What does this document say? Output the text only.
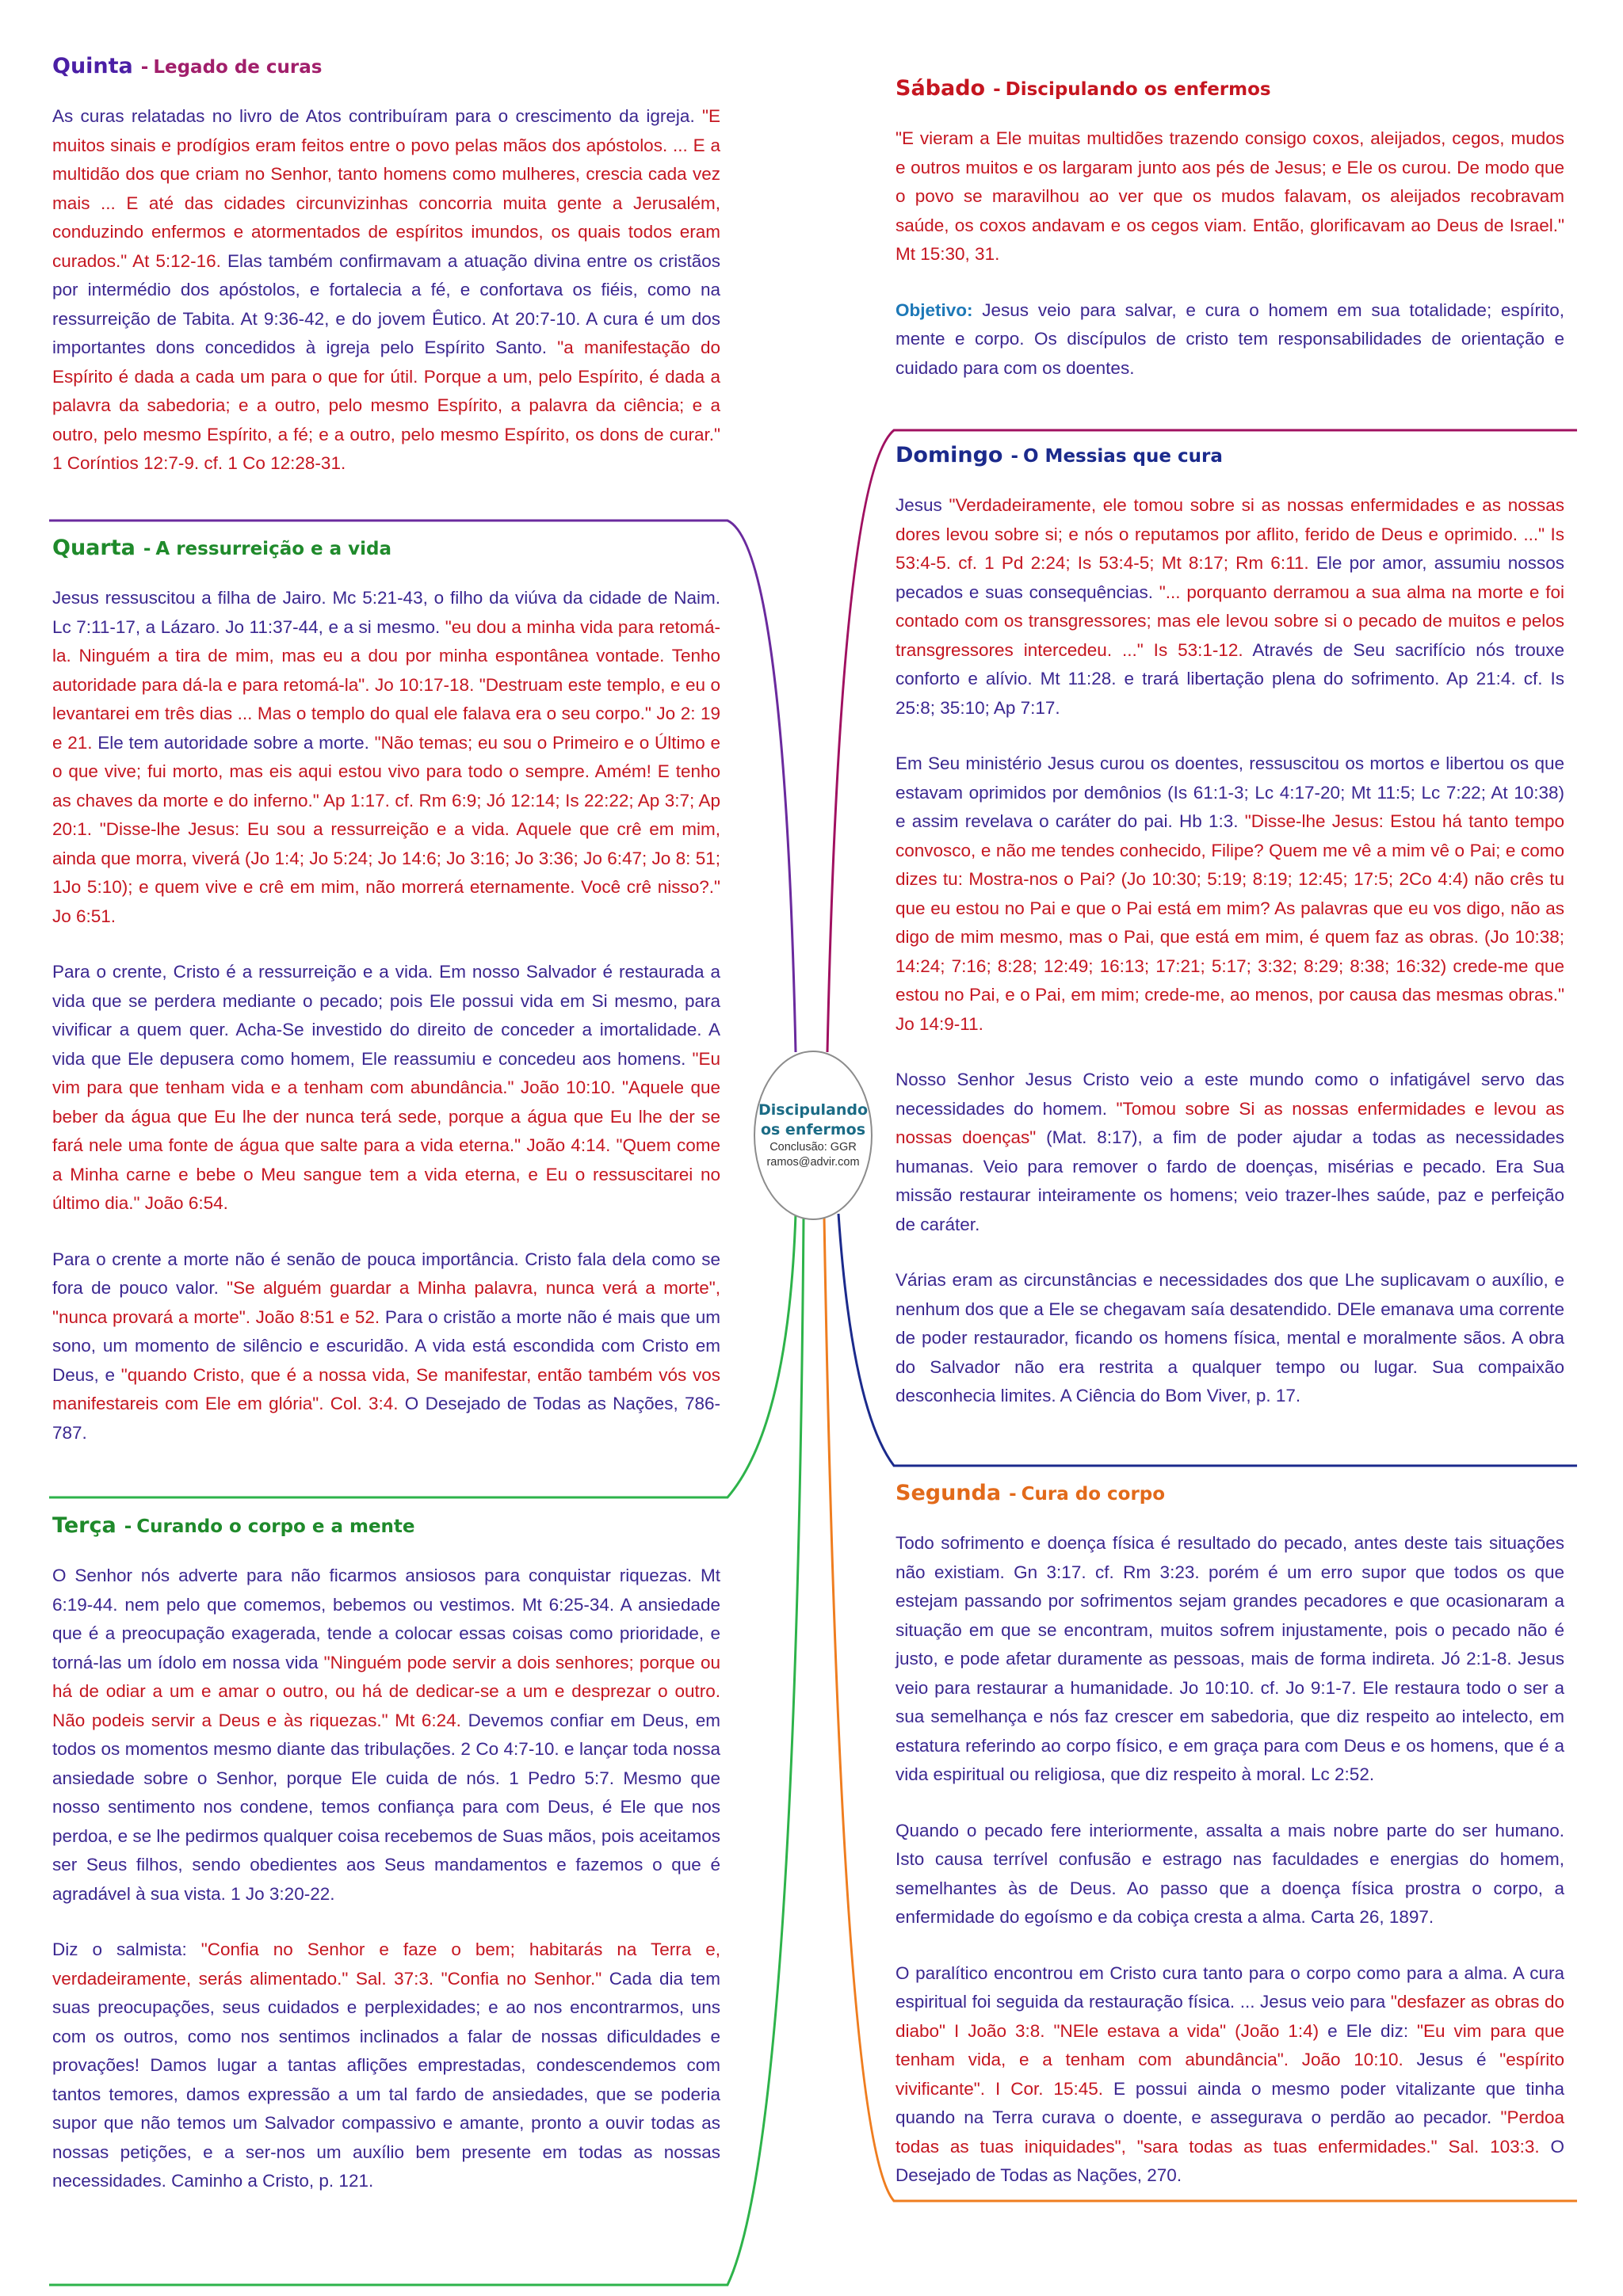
Quinta - Legado de curas

As curas relatadas no livro de Atos contribuíram para o crescimento da igreja. "E muitos sinais e prodígios eram feitos entre o povo pelas mãos dos apóstolos. ... E a multidão dos que criam no Senhor, tanto homens como mulheres, crescia cada vez mais ... E até das cidades circunvizinhas concorria muita gente a Jerusalém, conduzindo enfermos e atormentados de espíritos imundos, os quais todos eram curados." At 5:12-16. Elas também confirmavam a atuação divina entre os cristãos por intermédio dos apóstolos, e fortalecia a fé, e confortava os fiéis, como na ressurreição de Tabita. At 9:36-42, e do jovem Êutico. At 20:7-10. A cura é um dos importantes dons concedidos à igreja pelo Espírito Santo. "a manifestação do Espírito é dada a cada um para o que for útil. Porque a um, pelo Espírito, é dada a palavra da sabedoria; e a outro, pelo mesmo Espírito, a palavra da ciência; e a outro, pelo mesmo Espírito, a fé; e a outro, pelo mesmo Espírito, os dons de curar." 1 Coríntios 12:7-9. cf. 1 Co 12:28-31.

Quarta - A ressurreição e a vida

Jesus ressuscitou a filha de Jairo. Mc 5:21-43, o filho da viúva da cidade de Naim. Lc 7:11-17, a Lázaro. Jo 11:37-44, e a si mesmo. "eu dou a minha vida para retomá-la. Ninguém a tira de mim, mas eu a dou por minha espontânea vontade. Tenho autoridade para dá-la e para retomá-la". Jo 10:17-18. "Destruam este templo, e eu o levantarei em três dias ... Mas o templo do qual ele falava era o seu corpo." Jo 2: 19 e 21. Ele tem autoridade sobre a morte. "Não temas; eu sou o Primeiro e o Último e o que vive; fui morto, mas eis aqui estou vivo para todo o sempre. Amém! E tenho as chaves da morte e do inferno." Ap 1:17. cf. Rm 6:9; Jó 12:14; Is 22:22; Ap 3:7; Ap 20:1. "Disse-lhe Jesus: Eu sou a ressurreição e a vida. Aquele que crê em mim, ainda que morra, viverá (Jo 1:4; Jo 5:24; Jo 14:6; Jo 3:16; Jo 3:36; Jo 6:47; Jo 8: 51; 1Jo 5:10); e quem vive e crê em mim, não morrerá eternamente. Você crê nisso?." Jo 6:51.

Para o crente, Cristo é a ressurreição e a vida. Em nosso Salvador é restaurada a vida que se perdera mediante o pecado; pois Ele possui vida em Si mesmo, para vivificar a quem quer. Acha-Se investido do direito de conceder a imortalidade. A vida que Ele depusera como homem, Ele reassumiu e concedeu aos homens. "Eu vim para que tenham vida e a tenham com abundância." João 10:10. "Aquele que beber da água que Eu lhe der nunca terá sede, porque a água que Eu lhe der se fará nele uma fonte de água que salte para a vida eterna." João 4:14. "Quem come a Minha carne e bebe o Meu sangue tem a vida eterna, e Eu o ressuscitarei no último dia." João 6:54.

Para o crente a morte não é senão de pouca importância. Cristo fala dela como se fora de pouco valor. "Se alguém guardar a Minha palavra, nunca verá a morte", "nunca provará a morte". João 8:51 e 52. Para o cristão a morte não é mais que um sono, um momento de silêncio e escuridão. A vida está escondida com Cristo em Deus, e "quando Cristo, que é a nossa vida, Se manifestar, então também vós vos manifestareis com Ele em glória". Col. 3:4. O Desejado de Todas as Nações, 786-787.

Terça - Curando o corpo e a mente

O Senhor nós adverte para não ficarmos ansiosos para conquistar riquezas. Mt 6:19-44. nem pelo que comemos, bebemos ou vestimos. Mt 6:25-34. A ansiedade que é a preocupação exagerada, tende a colocar essas coisas como prioridade, e torná-las um ídolo em nossa vida "Ninguém pode servir a dois senhores; porque ou há de odiar a um e amar o outro, ou há de dedicar-se a um e desprezar o outro. Não podeis servir a Deus e às riquezas." Mt 6:24. Devemos confiar em Deus, em todos os momentos mesmo diante das tribulações. 2 Co 4:7-10. e lançar toda nossa ansiedade sobre o Senhor, porque Ele cuida de nós. 1 Pedro 5:7. Mesmo que nosso sentimento nos condene, temos confiança para com Deus, é Ele que nos perdoa, e se lhe pedirmos qualquer coisa recebemos de Suas mãos, pois aceitamos ser Seus filhos, sendo obedientes aos Seus mandamentos e fazemos o que é agradável à sua vista. 1 Jo 3:20-22.

Diz o salmista: "Confia no Senhor e faze o bem; habitarás na Terra e, verdadeiramente, serás alimentado." Sal. 37:3. "Confia no Senhor." Cada dia tem suas preocupações, seus cuidados e perplexidades; e ao nos encontrarmos, uns com os outros, como nos sentimos inclinados a falar de nossas dificuldades e provações! Damos lugar a tantas aflições emprestadas, condescendemos com tantos temores, damos expressão a um tal fardo de ansiedades, que se poderia supor que não temos um Salvador compassivo e amante, pronto a ouvir todas as nossas petições, e a ser-nos um auxílio bem presente em todas as nossas necessidades. Caminho a Cristo, p. 121.

Sábado - Discipulando os enfermos

"E vieram a Ele muitas multidões trazendo consigo coxos, aleijados, cegos, mudos e outros muitos e os largaram junto aos pés de Jesus; e Ele os curou. De modo que o povo se maravilhou ao ver que os mudos falavam, os aleijados recobravam saúde, os coxos andavam e os cegos viam. Então, glorificavam ao Deus de Israel." Mt 15:30, 31.

Objetivo: Jesus veio para salvar, e cura o homem em sua totalidade; espírito, mente e corpo. Os discípulos de cristo tem responsabilidades de orientação e cuidado para com os doentes.

Domingo - O Messias que cura

Jesus "Verdadeiramente, ele tomou sobre si as nossas enfermidades e as nossas dores levou sobre si; e nós o reputamos por aflito, ferido de Deus e oprimido. ..." Is 53:4-5. cf. 1 Pd 2:24; Is 53:4-5; Mt 8:17; Rm 6:11. Ele por amor, assumiu nossos pecados e suas consequências. "... porquanto derramou a sua alma na morte e foi contado com os transgressores; mas ele levou sobre si o pecado de muitos e pelos transgressores intercedeu. ..." Is 53:1-12. Através de Seu sacrifício nós trouxe conforto e alívio. Mt 11:28. e trará libertação plena do sofrimento. Ap 21:4. cf. Is 25:8; 35:10; Ap 7:17.

Em Seu ministério Jesus curou os doentes, ressuscitou os mortos e libertou os que estavam oprimidos por demônios (Is 61:1-3; Lc 4:17-20; Mt 11:5; Lc 7:22; At 10:38) e assim revelava o caráter do pai. Hb 1:3. "Disse-lhe Jesus: Estou há tanto tempo convosco, e não me tendes conhecido, Filipe? Quem me vê a mim vê o Pai; e como dizes tu: Mostra-nos o Pai? (Jo 10:30; 5:19; 8:19; 12:45; 17:5; 2Co 4:4) não crês tu que eu estou no Pai e que o Pai está em mim? As palavras que eu vos digo, não as digo de mim mesmo, mas o Pai, que está em mim, é quem faz as obras. (Jo 10:38; 14:24; 7:16; 8:28; 12:49; 16:13; 17:21; 5:17; 3:32; 8:29; 8:38; 16:32) crede-me que estou no Pai, e o Pai, em mim; crede-me, ao menos, por causa das mesmas obras." Jo 14:9-11.

Nosso Senhor Jesus Cristo veio a este mundo como o infatigável servo das necessidades do homem. "Tomou sobre Si as nossas enfermidades e levou as nossas doenças" (Mat. 8:17), a fim de poder ajudar a todas as necessidades humanas. Veio para remover o fardo de doenças, misérias e pecado. Era Sua missão restaurar inteiramente os homens; veio trazer-lhes saúde, paz e perfeição de caráter.

Várias eram as circunstâncias e necessidades dos que Lhe suplicavam o auxílio, e nenhum dos que a Ele se chegavam saía desatendido. DEle emanava uma corrente de poder restaurador, ficando os homens física, mental e moralmente sãos. A obra do Salvador não era restrita a qualquer tempo ou lugar. Sua compaixão desconhecia limites. A Ciência do Bom Viver, p. 17.

Segunda - Cura do corpo

Todo sofrimento e doença física é resultado do pecado, antes deste tais situações não existiam. Gn 3:17. cf. Rm 3:23. porém é um erro supor que todos os que estejam passando por sofrimentos sejam grandes pecadores e que ocasionaram a situação em que se encontram, muitos sofrem injustamente, pois o pecado não é justo, e pode afetar duramente as pessoas, mais de forma indireta. Jó 2:1-8. Jesus veio para restaurar a humanidade. Jo 10:10. cf. Jo 9:1-7. Ele restaura todo o ser a sua semelhança e nós faz crescer em sabedoria, que diz respeito ao intelecto, em estatura referindo ao corpo físico, e em graça para com Deus e os homens, que é a vida espiritual ou religiosa, que diz respeito à moral. Lc 2:52.

Quando o pecado fere interiormente, assalta a mais nobre parte do ser humano. Isto causa terrível confusão e estrago nas faculdades e energias do homem, semelhantes às de Deus. Ao passo que a doença física prostra o corpo, a enfermidade do egoísmo e da cobiça cresta a alma. Carta 26, 1897.

O paralítico encontrou em Cristo cura tanto para o corpo como para a alma. A cura espiritual foi seguida da restauração física. ... Jesus veio para "desfazer as obras do diabo" I João 3:8. "NEle estava a vida" (João 1:4) e Ele diz: "Eu vim para que tenham vida, e a tenham com abundância". João 10:10. Jesus é "espírito vivificante". I Cor. 15:45. E possui ainda o mesmo poder vitalizante que tinha quando na Terra curava o doente, e assegurava o perdão ao pecador. "Perdoa todas as tuas iniquidades", "sara todas as tuas enfermidades." Sal. 103:3. O Desejado de Todas as Nações, 270.

Discipulando
os enfermos
Conclusão: GGR
ramos@advir.com
